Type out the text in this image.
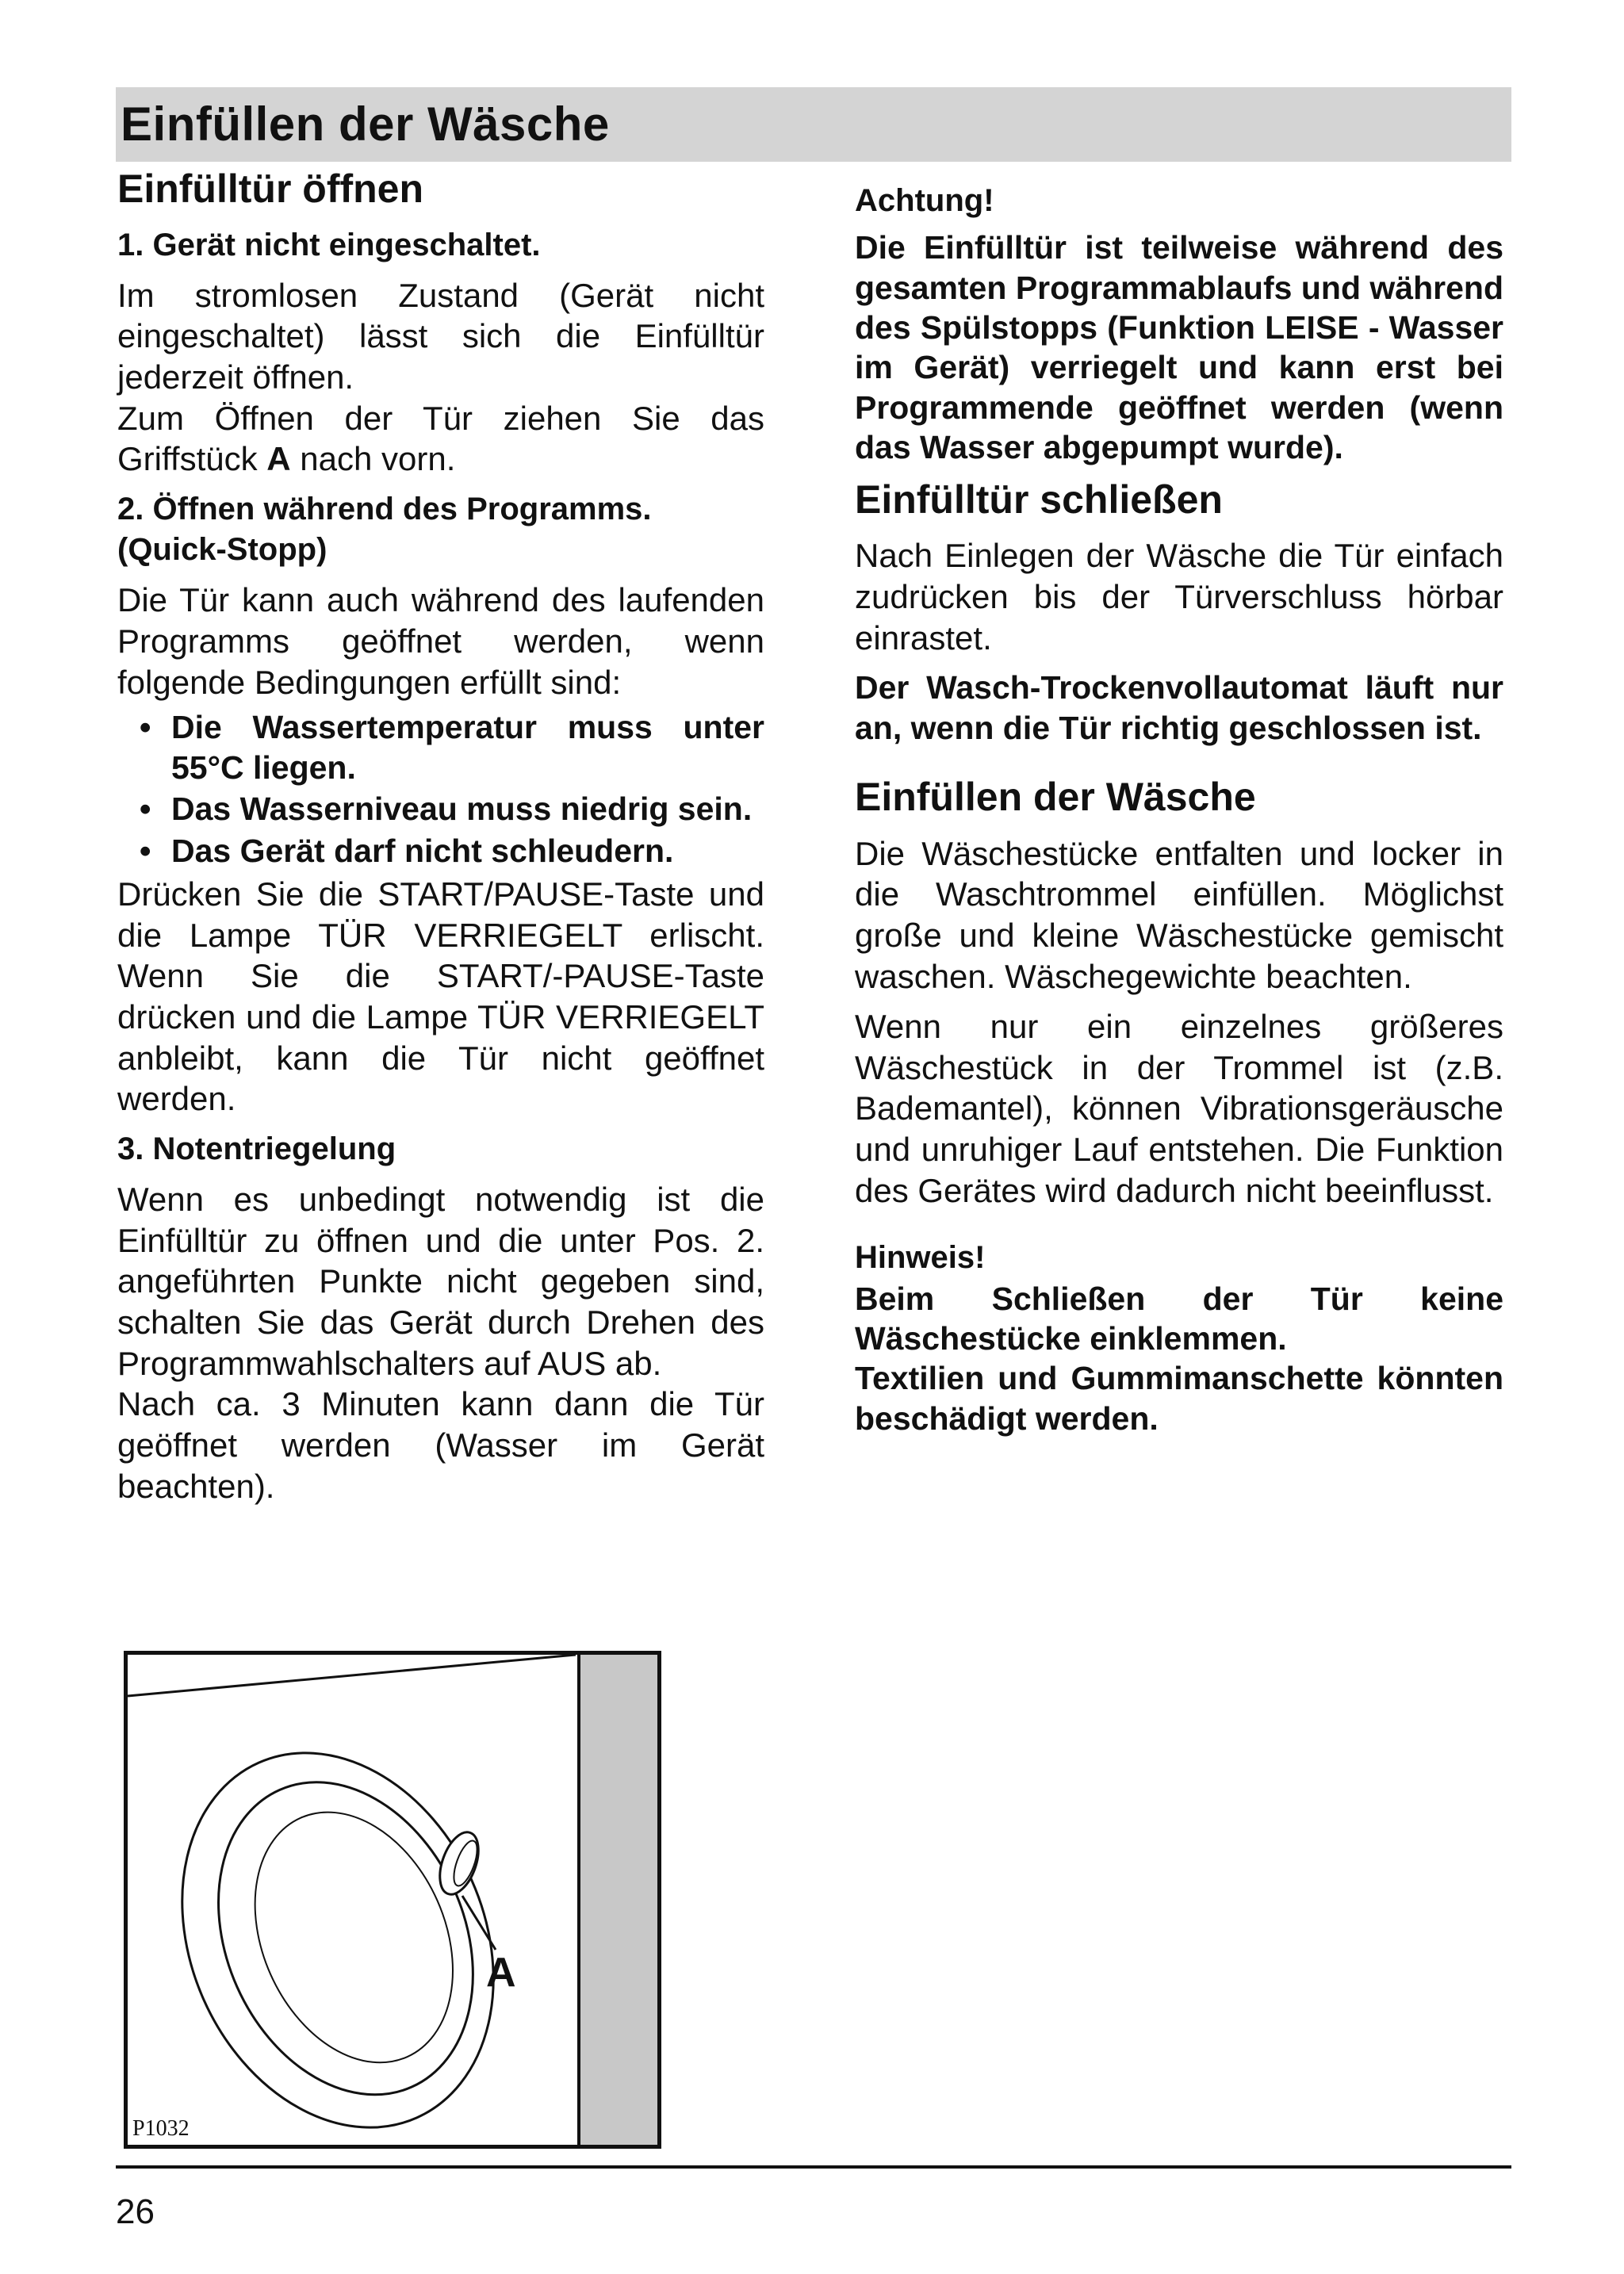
Einfüllen der Wäsche
Einfülltür öffnen
1. Gerät nicht eingeschaltet.

Im stromlosen Zustand (Gerät nicht eingeschaltet) lässt sich die Einfülltür jederzeit öffnen.

Zum Öffnen der Tür ziehen Sie das Griffstück A nach vorn.

2. Öffnen während des Programms. (Quick-Stopp)

Die Tür kann auch während des laufenden Programms geöffnet werden, wenn folgende Bedingungen erfüllt sind:

• Die Wassertemperatur muss unter 55°C liegen.
• Das Wasserniveau muss niedrig sein.
• Das Gerät darf nicht schleudern.

Drücken Sie die START/PAUSE-Taste und die Lampe TÜR VERRIEGELT erlischt. Wenn Sie die START/-PAUSE-Taste drücken und die Lampe TÜR VERRIEGELT anbleibt, kann die Tür nicht geöffnet werden.

3. Notentriegelung

Wenn es unbedingt notwendig ist die Einfülltür zu öffnen und die unter Pos. 2. angeführten Punkte nicht gegeben sind, schalten Sie das Gerät durch Drehen des Programmwahlschalters auf AUS ab.

Nach ca. 3 Minuten kann dann die Tür geöffnet werden (Wasser im Gerät beachten).

A
P1032
Achtung!

Die Einfülltür ist teilweise während des gesamten Programmablaufs und während des Spülstopps (Funktion LEISE - Wasser im Gerät) verriegelt und kann erst bei Programmende geöffnet werden (wenn das Wasser abgepumpt wurde).

Einfülltür schließen

Nach Einlegen der Wäsche die Tür einfach zudrücken bis der Türverschluss hörbar einrastet.

Der Wasch-Trockenvollautomat läuft nur an, wenn die Tür richtig geschlossen ist.

Einfüllen der Wäsche

Die Wäschestücke entfalten und locker in die Waschtrommel einfüllen. Möglichst große und kleine Wäschestücke gemischt waschen. Wäschegewichte beachten.

Wenn nur ein einzelnes größeres Wäschestück in der Trommel ist (z.B. Bademantel), können Vibrationsgeräusche und unruhiger Lauf entstehen. Die Funktion des Gerätes wird dadurch nicht beeinflusst.

Hinweis!

Beim Schließen der Tür keine Wäschestücke einklemmen.

Textilien und Gummimanschette könnten beschädigt werden.

26
